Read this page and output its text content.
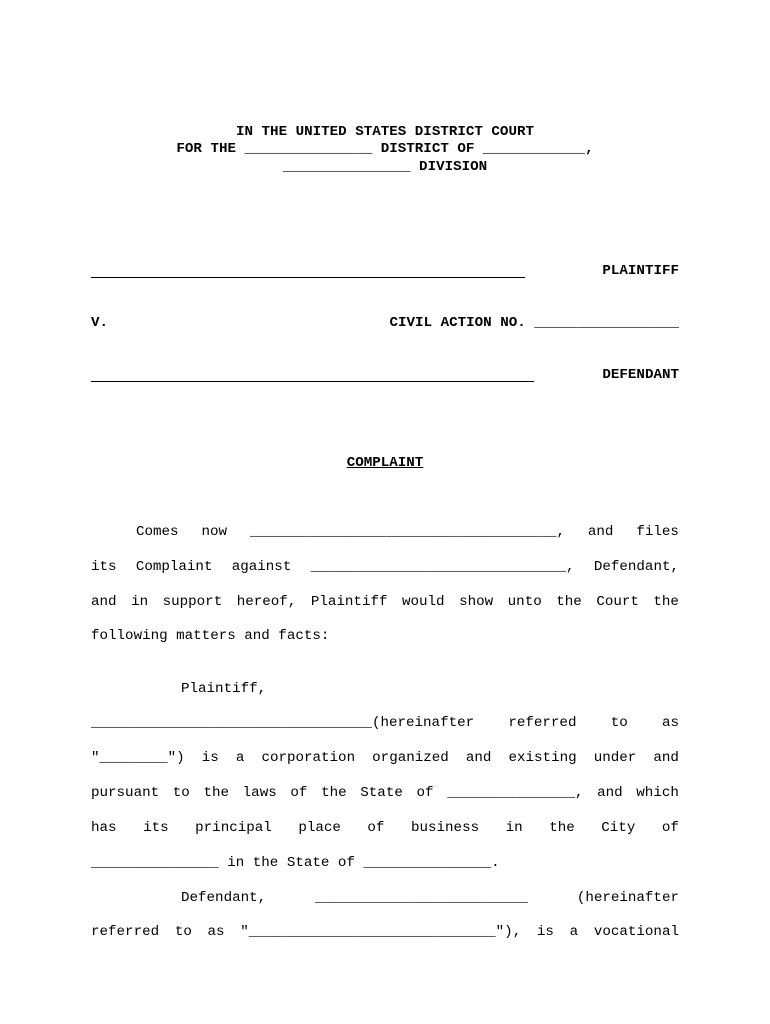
IN THE UNITED STATES DISTRICT COURT
FOR THE _______________ DISTRICT OF ____________,
_______________ DIVISION
PLAINTIFF
V.	CIVIL ACTION NO. _________________
DEFENDANT
COMPLAINT
Comes now ____________________________________, and files
its Complaint against ______________________________, Defendant,
and in support hereof, Plaintiff would show unto the Court the
following matters and facts:
Plaintiff,
_________________________________(hereinafter referred to as
"________") is a corporation organized and existing under and
pursuant to the laws of the State of _______________, and which
has its principal place of business in the City of
_______________ in the State of _______________.
Defendant,	_________________________	(hereinafter
referred to as "_____________________________"), is a vocational
